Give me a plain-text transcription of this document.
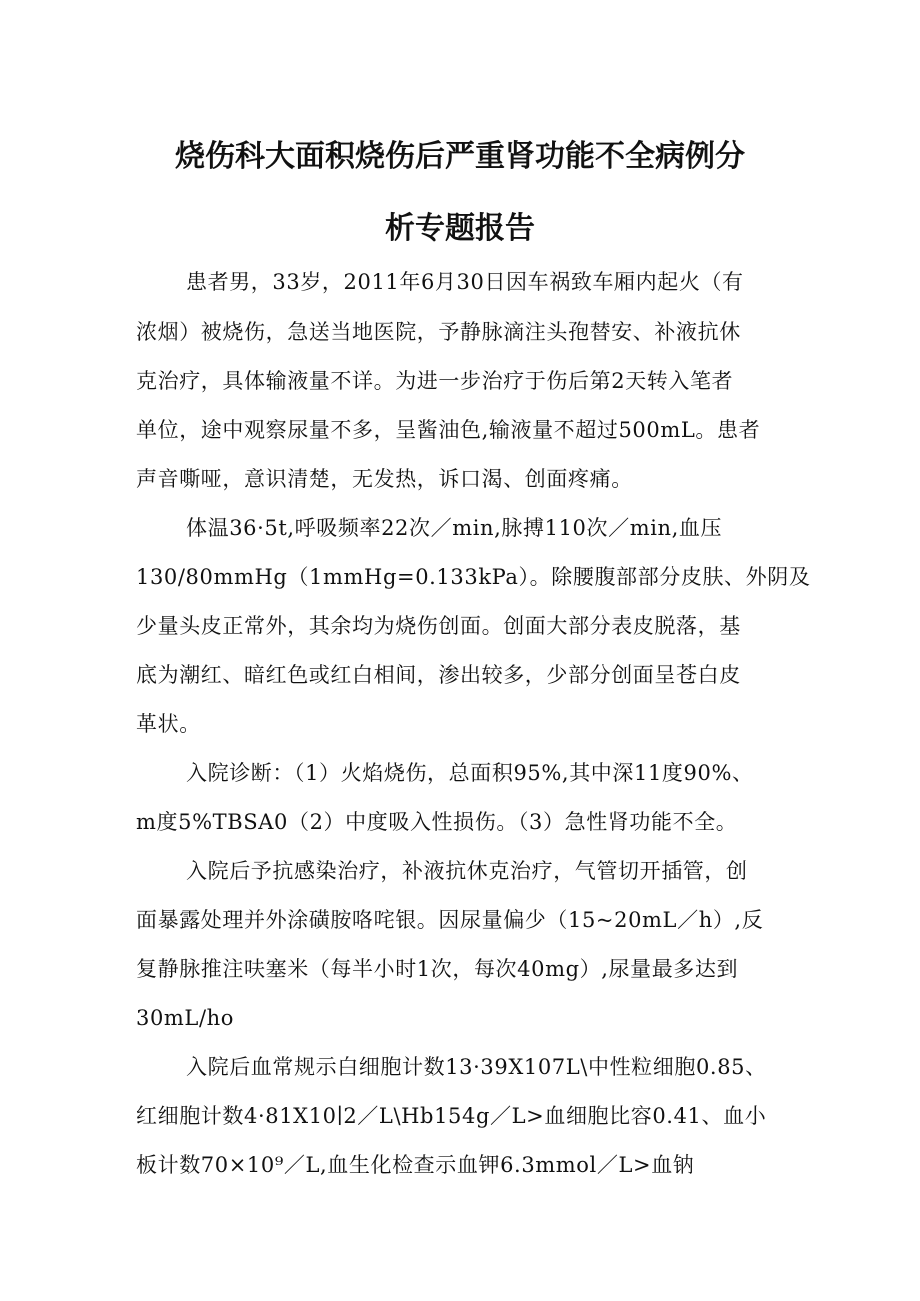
烧伤科大面积烧伤后严重肾功能不全病例分
析专题报告

患者男，33岁，2011年6月30日因车祸致车厢内起火（有

浓烟）被烧伤，急送当地医院，予静脉滴注头孢替安、补液抗休

克治疗，具体输液量不详。为进一步治疗于伤后第2天转入笔者

单位，途中观察尿量不多，呈酱油色,输液量不超过500mL。患者

声音嘶哑，意识清楚，无发热，诉口渴、创面疼痛。

体温36·5t,呼吸频率22次／min,脉搏110次／min,血压

130/80mmHg（1mmHg=0.133kPa）。除腰腹部部分皮肤、外阴及

少量头皮正常外，其余均为烧伤创面。创面大部分表皮脱落，基

底为潮红、暗红色或红白相间，渗出较多，少部分创面呈苍白皮

革状。

入院诊断：（1）火焰烧伤，总面积95%,其中深11度90%、

m度5%TBSA0（2）中度吸入性损伤。（3）急性肾功能不全。

入院后予抗感染治疗，补液抗休克治疗，气管切开插管，创

面暴露处理并外涂磺胺咯咤银。因尿量偏少（15~20mL／h）,反

复静脉推注呋塞米（每半小时1次，每次40mg）,尿量最多达到

30mL/ho

入院后血常规示白细胞计数13·39X107L\中性粒细胞0.85、

红细胞计数4·81X10∣2／L\Hb154g／L>血细胞比容0.41、血小

板计数70×10⁹／L,血生化检查示血钾6.3mmol／L>血钠
